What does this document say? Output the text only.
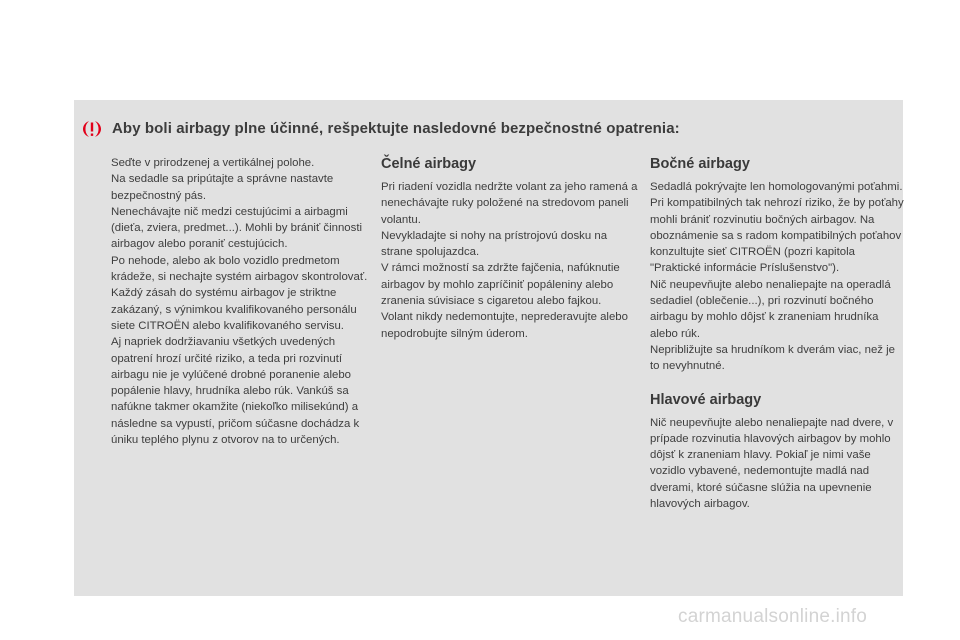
Aby boli airbagy plne účinné, rešpektujte nasledovné bezpečnostné opatrenia:

Seďte v prirodzenej a vertikálnej polohe.
Na sedadle sa pripútajte a správne nastavte bezpečnostný pás.
Nenechávajte nič medzi cestujúcimi a airbagmi (dieťa, zviera, predmet...). Mohli by brániť činnosti airbagov alebo poraniť cestujúcich.
Po nehode, alebo ak bolo vozidlo predmetom krádeže, si nechajte systém airbagov skontrolovať.
Každý zásah do systému airbagov je striktne zakázaný, s výnimkou kvalifikovaného personálu siete CITROËN alebo kvalifikovaného servisu.
Aj napriek dodržiavaniu všetkých uvedených opatrení hrozí určité riziko, a teda pri rozvinutí airbagu nie je vylúčené drobné poranenie alebo popálenie hlavy, hrudníka alebo rúk. Vankúš sa nafúkne takmer okamžite (niekoľko milisekúnd) a následne sa vypustí, pričom súčasne dochádza k úniku teplého plynu z otvorov na to určených.

Čelné airbagy

Pri riadení vozidla nedržte volant za jeho ramená a nenechávajte ruky položené na stredovom paneli volantu.
Nevykladajte si nohy na prístrojovú dosku na strane spolujazdca.
V rámci možností sa zdržte fajčenia, nafúknutie airbagov by mohlo zapríčiniť popáleniny alebo zranenia súvisiace s cigaretou alebo fajkou.
Volant nikdy nedemontujte, neprederavujte alebo nepodrobujte silným úderom.

Bočné airbagy

Sedadlá pokrývajte len homologovanými poťahmi. Pri kompatibilných tak nehrozí riziko, že by poťahy mohli brániť rozvinutiu bočných airbagov. Na oboznámenie sa s radom kompatibilných poťahov konzultujte sieť CITROËN (pozri kapitola "Praktické informácie Príslušenstvo").
Nič neupevňujte alebo nenaliepajte na operadlá sedadiel (oblečenie...), pri rozvinutí bočného airbagu by mohlo dôjsť k zraneniam hrudníka alebo rúk.
Nepribližujte sa hrudníkom k dverám viac, než je to nevyhnutné.

Hlavové airbagy

Nič neupevňujte alebo nenaliepajte nad dvere, v prípade rozvinutia hlavových airbagov by mohlo dôjsť k zraneniam hlavy. Pokiaľ je nimi vaše vozidlo vybavené, nedemontujte madlá nad dverami, ktoré súčasne slúžia na upevnenie hlavových airbagov.

carmanualsonline.info
